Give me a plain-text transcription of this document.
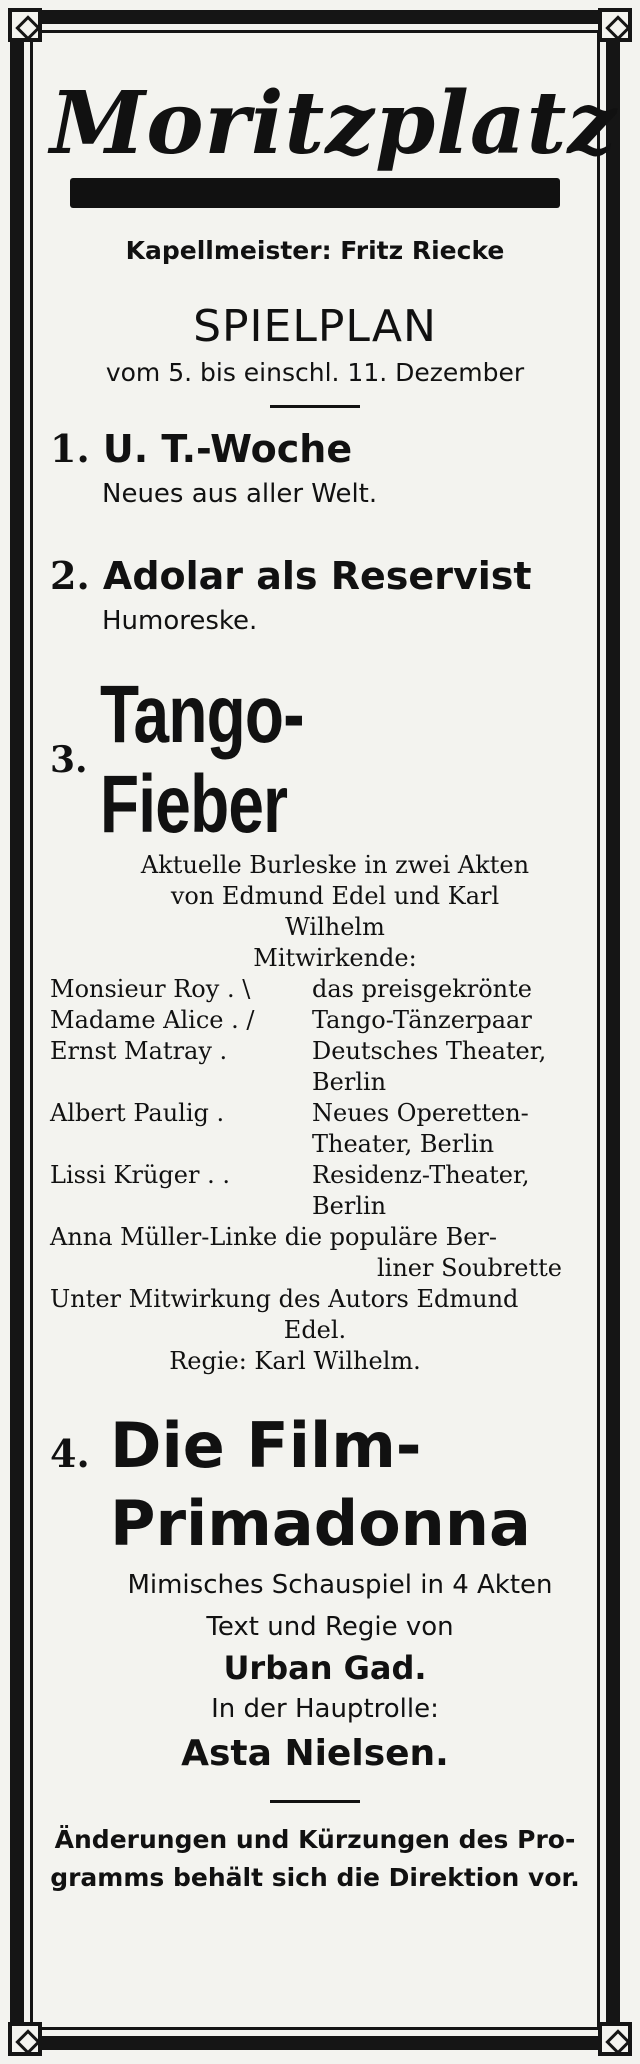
Moritzplatz
Kapellmeister: Fritz Riecke
SPIELPLAN
vom 5. bis einschl. 11. Dezember
1. U. T.-Woche
Neues aus aller Welt.
2. Adolar als Reservist
Humoreske.
3. Tango-Fieber
Aktuelle Burleske in zwei Akten
von Edmund Edel und Karl
Wilhelm
Mitwirkende:
Monsieur Roy . \	das preisgekrönte
Madame Alice . /	Tango-Tänzerpaar
Ernst Matray .	Deutsches Theater,
Berlin
Albert Paulig .	Neues Operetten-
Theater, Berlin
Lissi Krüger . .	Residenz-Theater,
Berlin
Anna Müller-Linke die populäre Ber-
liner Soubrette
Unter Mitwirkung des Autors Edmund
Edel.
Regie: Karl Wilhelm.
4. Die Film-
Primadonna
Mimisches Schauspiel in 4 Akten
Text und Regie von
Urban Gad.
In der Hauptrolle:
Asta Nielsen.
Änderungen und Kürzungen des Pro-
gramms behält sich die Direktion vor.
